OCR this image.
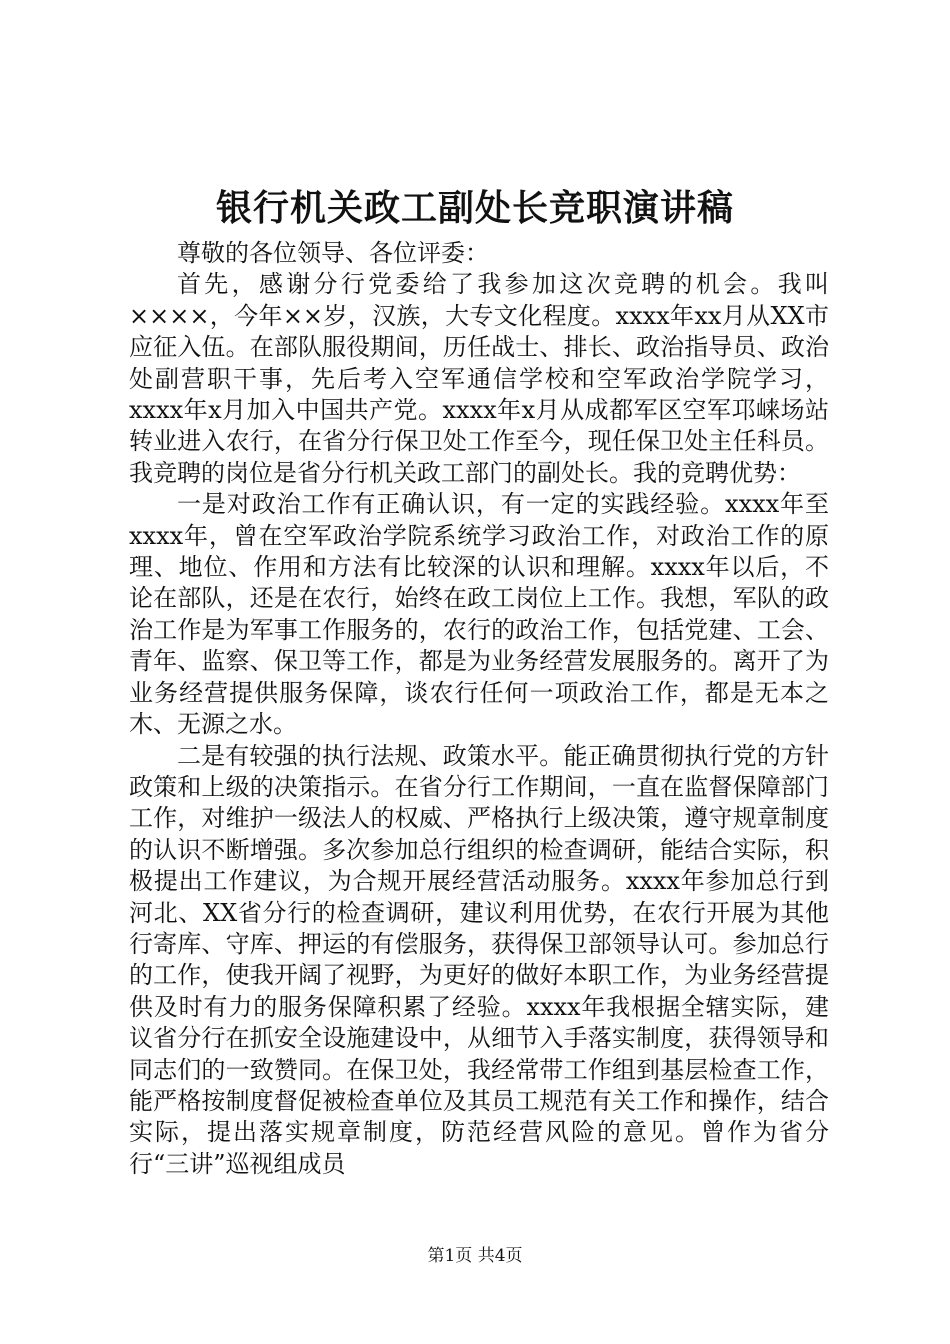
银行机关政工副处长竞职演讲稿

尊敬的各位领导、各位评委：

首先，感谢分行党委给了我参加这次竞聘的机会。我叫××××，今年××岁，汉族，大专文化程度。xxxx年xx月从XX市应征入伍。在部队服役期间，历任战士、排长、政治指导员、政治处副营职干事，先后考入空军通信学校和空军政治学院学习，xxxx年x月加入中国共产党。xxxx年x月从成都军区空军邛崃场站转业进入农行，在省分行保卫处工作至今，现任保卫处主任科员。我竞聘的岗位是省分行机关政工部门的副处长。我的竞聘优势：

一是对政治工作有正确认识，有一定的实践经验。xxxx年至xxxx年，曾在空军政治学院系统学习政治工作，对政治工作的原理、地位、作用和方法有比较深的认识和理解。xxxx年以后，不论在部队，还是在农行，始终在政工岗位上工作。我想，军队的政治工作是为军事工作服务的，农行的政治工作，包括党建、工会、青年、监察、保卫等工作，都是为业务经营发展服务的。离开了为业务经营提供服务保障，谈农行任何一项政治工作，都是无本之木、无源之水。

二是有较强的执行法规、政策水平。能正确贯彻执行党的方针政策和上级的决策指示。在省分行工作期间，一直在监督保障部门工作，对维护一级法人的权威、严格执行上级决策，遵守规章制度的认识不断增强。多次参加总行组织的检查调研，能结合实际，积极提出工作建议，为合规开展经营活动服务。xxxx年参加总行到河北、XX省分行的检查调研，建议利用优势，在农行开展为其他行寄库、守库、押运的有偿服务，获得保卫部领导认可。参加总行的工作，使我开阔了视野，为更好的做好本职工作，为业务经营提供及时有力的服务保障积累了经验。xxxx年我根据全辖实际，建议省分行在抓安全设施建设中，从细节入手落实制度，获得领导和同志们的一致赞同。在保卫处，我经常带工作组到基层检查工作，能严格按制度督促被检查单位及其员工规范有关工作和操作，结合实际，提出落实规章制度，防范经营风险的意见。曾作为省分行“三讲”巡视组成员

第1页 共4页
